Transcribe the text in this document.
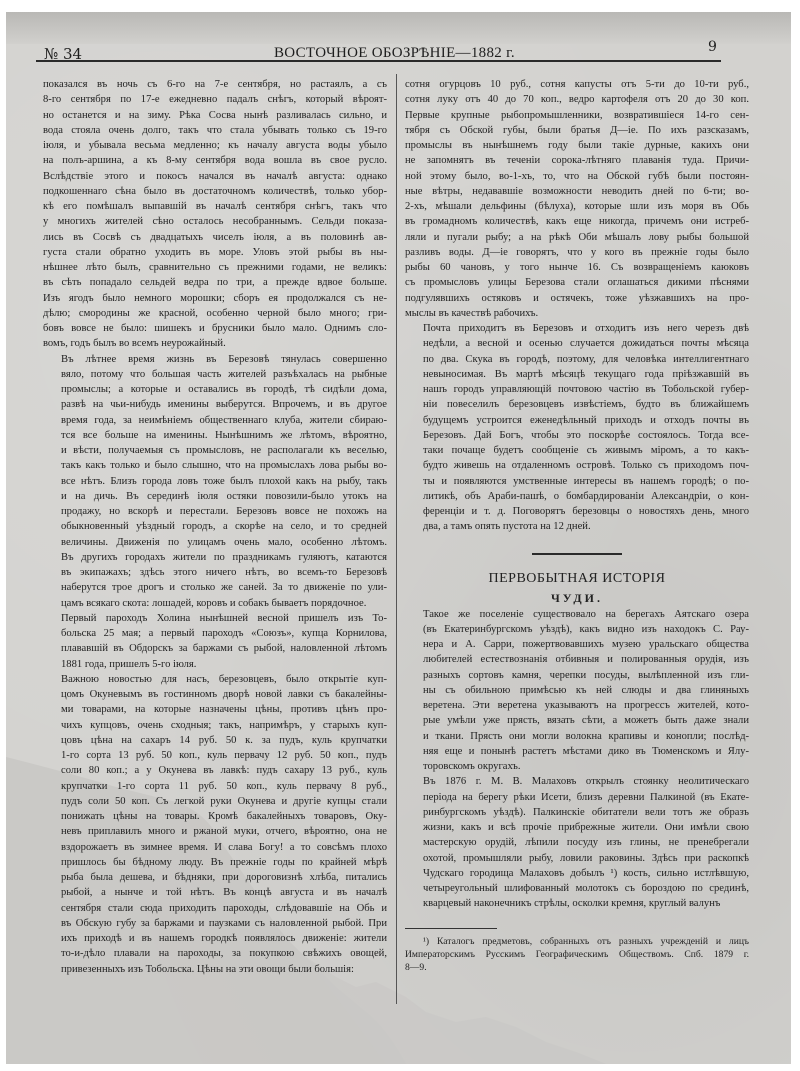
№ 34	ВОСТОЧНОЕ ОБОЗРѢНIЕ—1882 г.	9

показался въ ночь съ 6-го на 7-е сентября, но растаялъ, а съ
8-го сентября по 17-е ежедневно падалъ снѣгъ, который вѣроят-
но останется и на зиму. Рѣка Сосва нынѣ разливалась сильно, и
вода стояла очень долго, такъ что стала убывать только съ 19-го
iюля, и убывала весьма медленно; къ началу августа воды убыло
на полъ-аршина, а къ 8-му сентября вода вошла въ свое русло.
Вслѣдствiе этого и покосъ начался въ началѣ августа: однако
подкошеннаго сѣна было въ достаточномъ количествѣ, только убор-
кѣ его помѣшалъ выпавшiй въ началѣ сентября снѣгъ, такъ что
у многихъ жителей сѣно осталось несобраннымъ. Сельди показа-
лись въ Сосвѣ съ двадцатыхъ чиселъ iюля, а въ половинѣ ав-
густа стали обратно уходить въ море. Уловъ этой рыбы въ ны-
нѣшнее лѣто былъ, сравнительно съ прежними годами, не великъ:
въ сѣть попадало сельдей ведра по три, а прежде вдвое больше.
Изъ ягодъ было немного морошки; сборъ ея продолжался съ не-
дѣлю; смородины же красной, особенно черной было много; гри-
бовъ вовсе не было: шишекъ и брусники было мало. Однимъ сло-
вомъ, годъ былъ во всемъ неурожайный.

Въ лѣтнее время жизнь въ Березовѣ тянулась совершенно
вяло, потому что большая часть жителей разъѣхалась на рыбные
промыслы; а которые и оставались въ городѣ, тѣ сидѣли дома,
развѣ на чьи-нибудь именины выберутся. Впрочемъ, и въ другое
время года, за неимѣнiемъ общественнаго клуба, жители сбираю-
тся все больше на именины. Нынѣшнимъ же лѣтомъ, вѣроятно,
и вѣсти, получаемыя съ промысловъ, не располагали къ веселью,
такъ какъ только и было слышно, что на промыслахъ лова рыбы во-
все нѣтъ. Близъ города ловъ тоже былъ плохой какъ на рыбу, такъ
и на дичь. Въ серединѣ iюля остяки повозили-было утокъ на
продажу, но вскорѣ и перестали. Березовъ вовсе не похожъ на
обыкновенный уѣздный городъ, а скорѣе на село, и то средней
величины. Движенiя по улицамъ очень мало, особенно лѣтомъ.
Въ другихъ городахъ жители по праздникамъ гуляютъ, катаются
въ экипажахъ; здѣсь этого ничего нѣтъ, во всемъ-то Березовѣ
наберутся трое дрогъ и столько же саней. За то движенiе по ули-
цамъ всякаго скота: лошадей, коровъ и собакъ бываетъ порядочное.

Первый пароходъ Холина нынѣшней весной пришелъ изъ То-
больска 25 мая; а первый пароходъ «Союзъ», купца Корнилова,
плававшiй въ Обдорскъ за баржами съ рыбой, наловленной лѣтомъ
1881 года, пришелъ 5-го iюля.

Важною новостью для насъ, березовцевъ, было открытiе куп-
цомъ Окуневымъ въ гостинномъ дворѣ новой лавки съ бакалейны-
ми товарами, на которые назначены цѣны, противъ цѣнъ про-
чихъ купцовъ, очень сходныя; такъ, напримѣръ, у старыхъ куп-
цовъ цѣна на сахаръ 14 руб. 50 к. за пудъ, куль крупчатки
1-го сорта 13 руб. 50 коп., куль первачу 12 руб. 50 коп., пудъ
соли 80 коп.; а у Окунева въ лавкѣ: пудъ сахару 13 руб., куль
крупчатки 1-го сорта 11 руб. 50 коп., куль первачу 8 руб.,
пудъ соли 50 коп. Съ легкой руки Окунева и другiе купцы стали
понижать цѣны на товары. Кромѣ бакалейныхъ товаровъ, Оку-
невъ приплавилъ много и ржаной муки, отчего, вѣроятно, она не
вздорожаетъ въ зимнее время. И слава Богу! а то совсѣмъ плохо
пришлось бы бѣдному люду. Въ прежнiе годы по крайней мѣрѣ
рыба была дешева, и бѣдняки, при дороговизнѣ хлѣба, питались
рыбой, а нынче и той нѣтъ. Въ концѣ августа и въ началѣ
сентября стали сюда приходить пароходы, слѣдовавшiе на Обь и
въ Обскую губу за баржами и паузками съ наловленной рыбой. При
ихъ приходѣ и въ нашемъ городкѣ появлялось движенiе: жители
то-и-дѣло плавали на пароходы, за покупкою свѣжихъ овощей,
привезенныхъ изъ Тобольска. Цѣны на эти овощи были большiя:

сотня огурцовъ 10 руб., сотня капусты отъ 5-ти до 10-ти руб.,
сотня луку отъ 40 до 70 коп., ведро картофеля отъ 20 до 30 коп.
Первые крупные рыбопромышленники, возвратившiеся 14-го сен-
тября съ Обской губы, были братья Д—iе. По ихъ разсказамъ,
промыслы въ нынѣшнемъ году были такiе дурные, какихъ они
не запомнятъ въ теченiи сорока-лѣтняго плаванiя туда. Причи-
ной этому было, во-1-хъ, то, что на Обской губѣ были постоян-
ные вѣтры, недававшiе возможности неводить дней по 6-ти; во-
2-хъ, мѣшали дельфины (бѣлуха), которые шли изъ моря въ Обь
въ громадномъ количествѣ, какъ еще никогда, причемъ они истреб-
ляли и пугали рыбу; а на рѣкѣ Оби мѣшалъ лову рыбы большой
разливъ воды. Д—iе говорятъ, что у кого въ прежнiе годы было
рыбы 60 чановъ, у того нынче 16. Съ возвращенiемъ каюковъ
съ промысловъ улицы Березова стали оглашаться дикими пѣснями
подгулявшихъ остяковъ и остячекъ, тоже уѣзжавшихъ на про-
мыслы въ качествѣ рабочихъ.

Почта приходитъ въ Березовъ и отходитъ изъ него черезъ двѣ
недѣли, а весной и осенью случается дожидаться почты мѣсяца
по два. Скука въ городѣ, поэтому, для человѣка интеллигентнаго
невыносимая. Въ мартѣ мѣсяцѣ текущаго года прiѣзжавшiй въ
нашъ городъ управляющiй почтовою частiю въ Тобольской губер-
нiи повеселилъ березовцевъ извѣстiемъ, будто въ ближайшемъ
будущемъ устроится еженедѣльный приходъ и отходъ почты въ
Березовъ. Дай Богъ, чтобы это поскорѣе состоялось. Тогда все-
таки почаще будетъ сообщенiе съ живымъ мiромъ, а то какъ-
будто живешь на отдаленномъ островѣ. Только съ приходомъ поч-
ты и появляются умственные интересы въ нашемъ городѣ; о по-
литикѣ, объ Араби-пашѣ, о бомбардированiи Александрiи, о кон-
ференцiи и т. д. Поговорятъ березовцы о новостяхъ день, много
два, а тамъ опять пустота на 12 дней.

ПЕРВОБЫТНАЯ ИСТОРIЯ

ЧУДИ.

Такое же поселенiе существовало на берегахъ Аятскаго озера
(въ Екатеринбургскомъ уѣздѣ), какъ видно изъ находокъ С. Рау-
нера и А. Сарри, пожертвовавшихъ музею уральскаго общества
любителей естествознанiя отбивныя и полированныя орудiя, изъ
разныхъ сортовъ камня, черепки посуды, вылѣпленной изъ гли-
ны съ обильною примѣсью къ ней слюды и два глиняныхъ
веретена. Эти веретена указываютъ на прогрессъ жителей, кото-
рые умѣли уже прясть, вязать сѣти, а можетъ быть даже знали
и ткани. Прясть они могли волокна крапивы и конопли; послѣд-
няя еще и понынѣ растетъ мѣстами дико въ Тюменскомъ и Ялу-
торовскомъ округахъ.

Въ 1876 г. М. В. Малаховъ открылъ стоянку неолитическаго
перiода на берегу рѣки Исети, близъ деревни Палкиной (въ Екате-
ринбургскомъ уѣздѣ). Палкинскiе обитатели вели тотъ же образъ
жизни, какъ и всѣ прочiе прибрежные жители. Они имѣли свою
мастерскую орудiй, лѣпили посуду изъ глины, не пренебрегали
охотой, промышляли рыбу, ловили раковины. Здѣсь при раскопкѣ
Чудскаго городища Малаховъ добылъ ¹) кость, сильно истлѣвшую,
четыреугольный шлифованный молотокъ съ бороздою по срединѣ,
кварцевый наконечникъ стрѣлы, осколки кремня, круглый валунъ

¹) Каталогъ предметовъ, собранныхъ отъ разныхъ учрежденiй и лицъ
Императорскимъ Русскимъ Географическимъ Обществомъ. Спб. 1879 г.
8—9.
